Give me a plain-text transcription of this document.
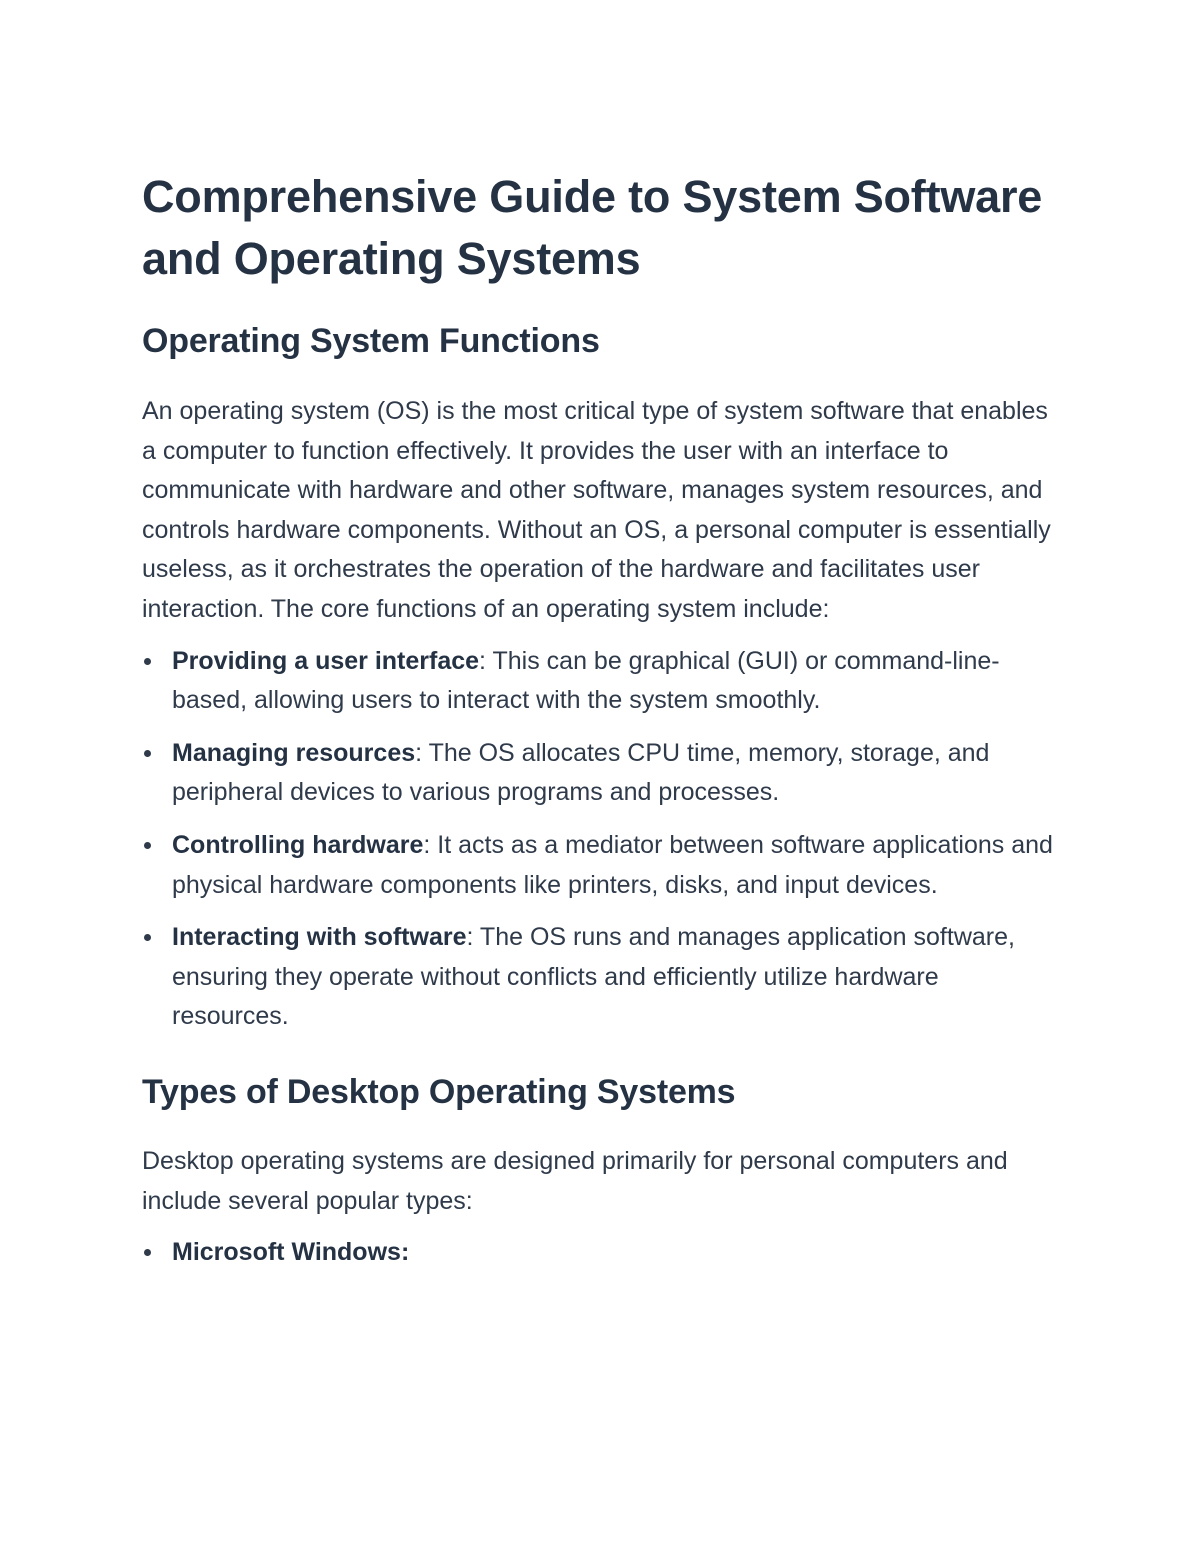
Comprehensive Guide to System Software and Operating Systems
Operating System Functions

An operating system (OS) is the most critical type of system software that enables a computer to function effectively. It provides the user with an interface to communicate with hardware and other software, manages system resources, and controls hardware components. Without an OS, a personal computer is essentially useless, as it orchestrates the operation of the hardware and facilitates user interaction. The core functions of an operating system include:

Providing a user interface: This can be graphical (GUI) or command-line-based, allowing users to interact with the system smoothly.
Managing resources: The OS allocates CPU time, memory, storage, and peripheral devices to various programs and processes.
Controlling hardware: It acts as a mediator between software applications and physical hardware components like printers, disks, and input devices.
Interacting with software: The OS runs and manages application software, ensuring they operate without conflicts and efficiently utilize hardware resources.
Types of Desktop Operating Systems

Desktop operating systems are designed primarily for personal computers and include several popular types:

Microsoft Windows:
